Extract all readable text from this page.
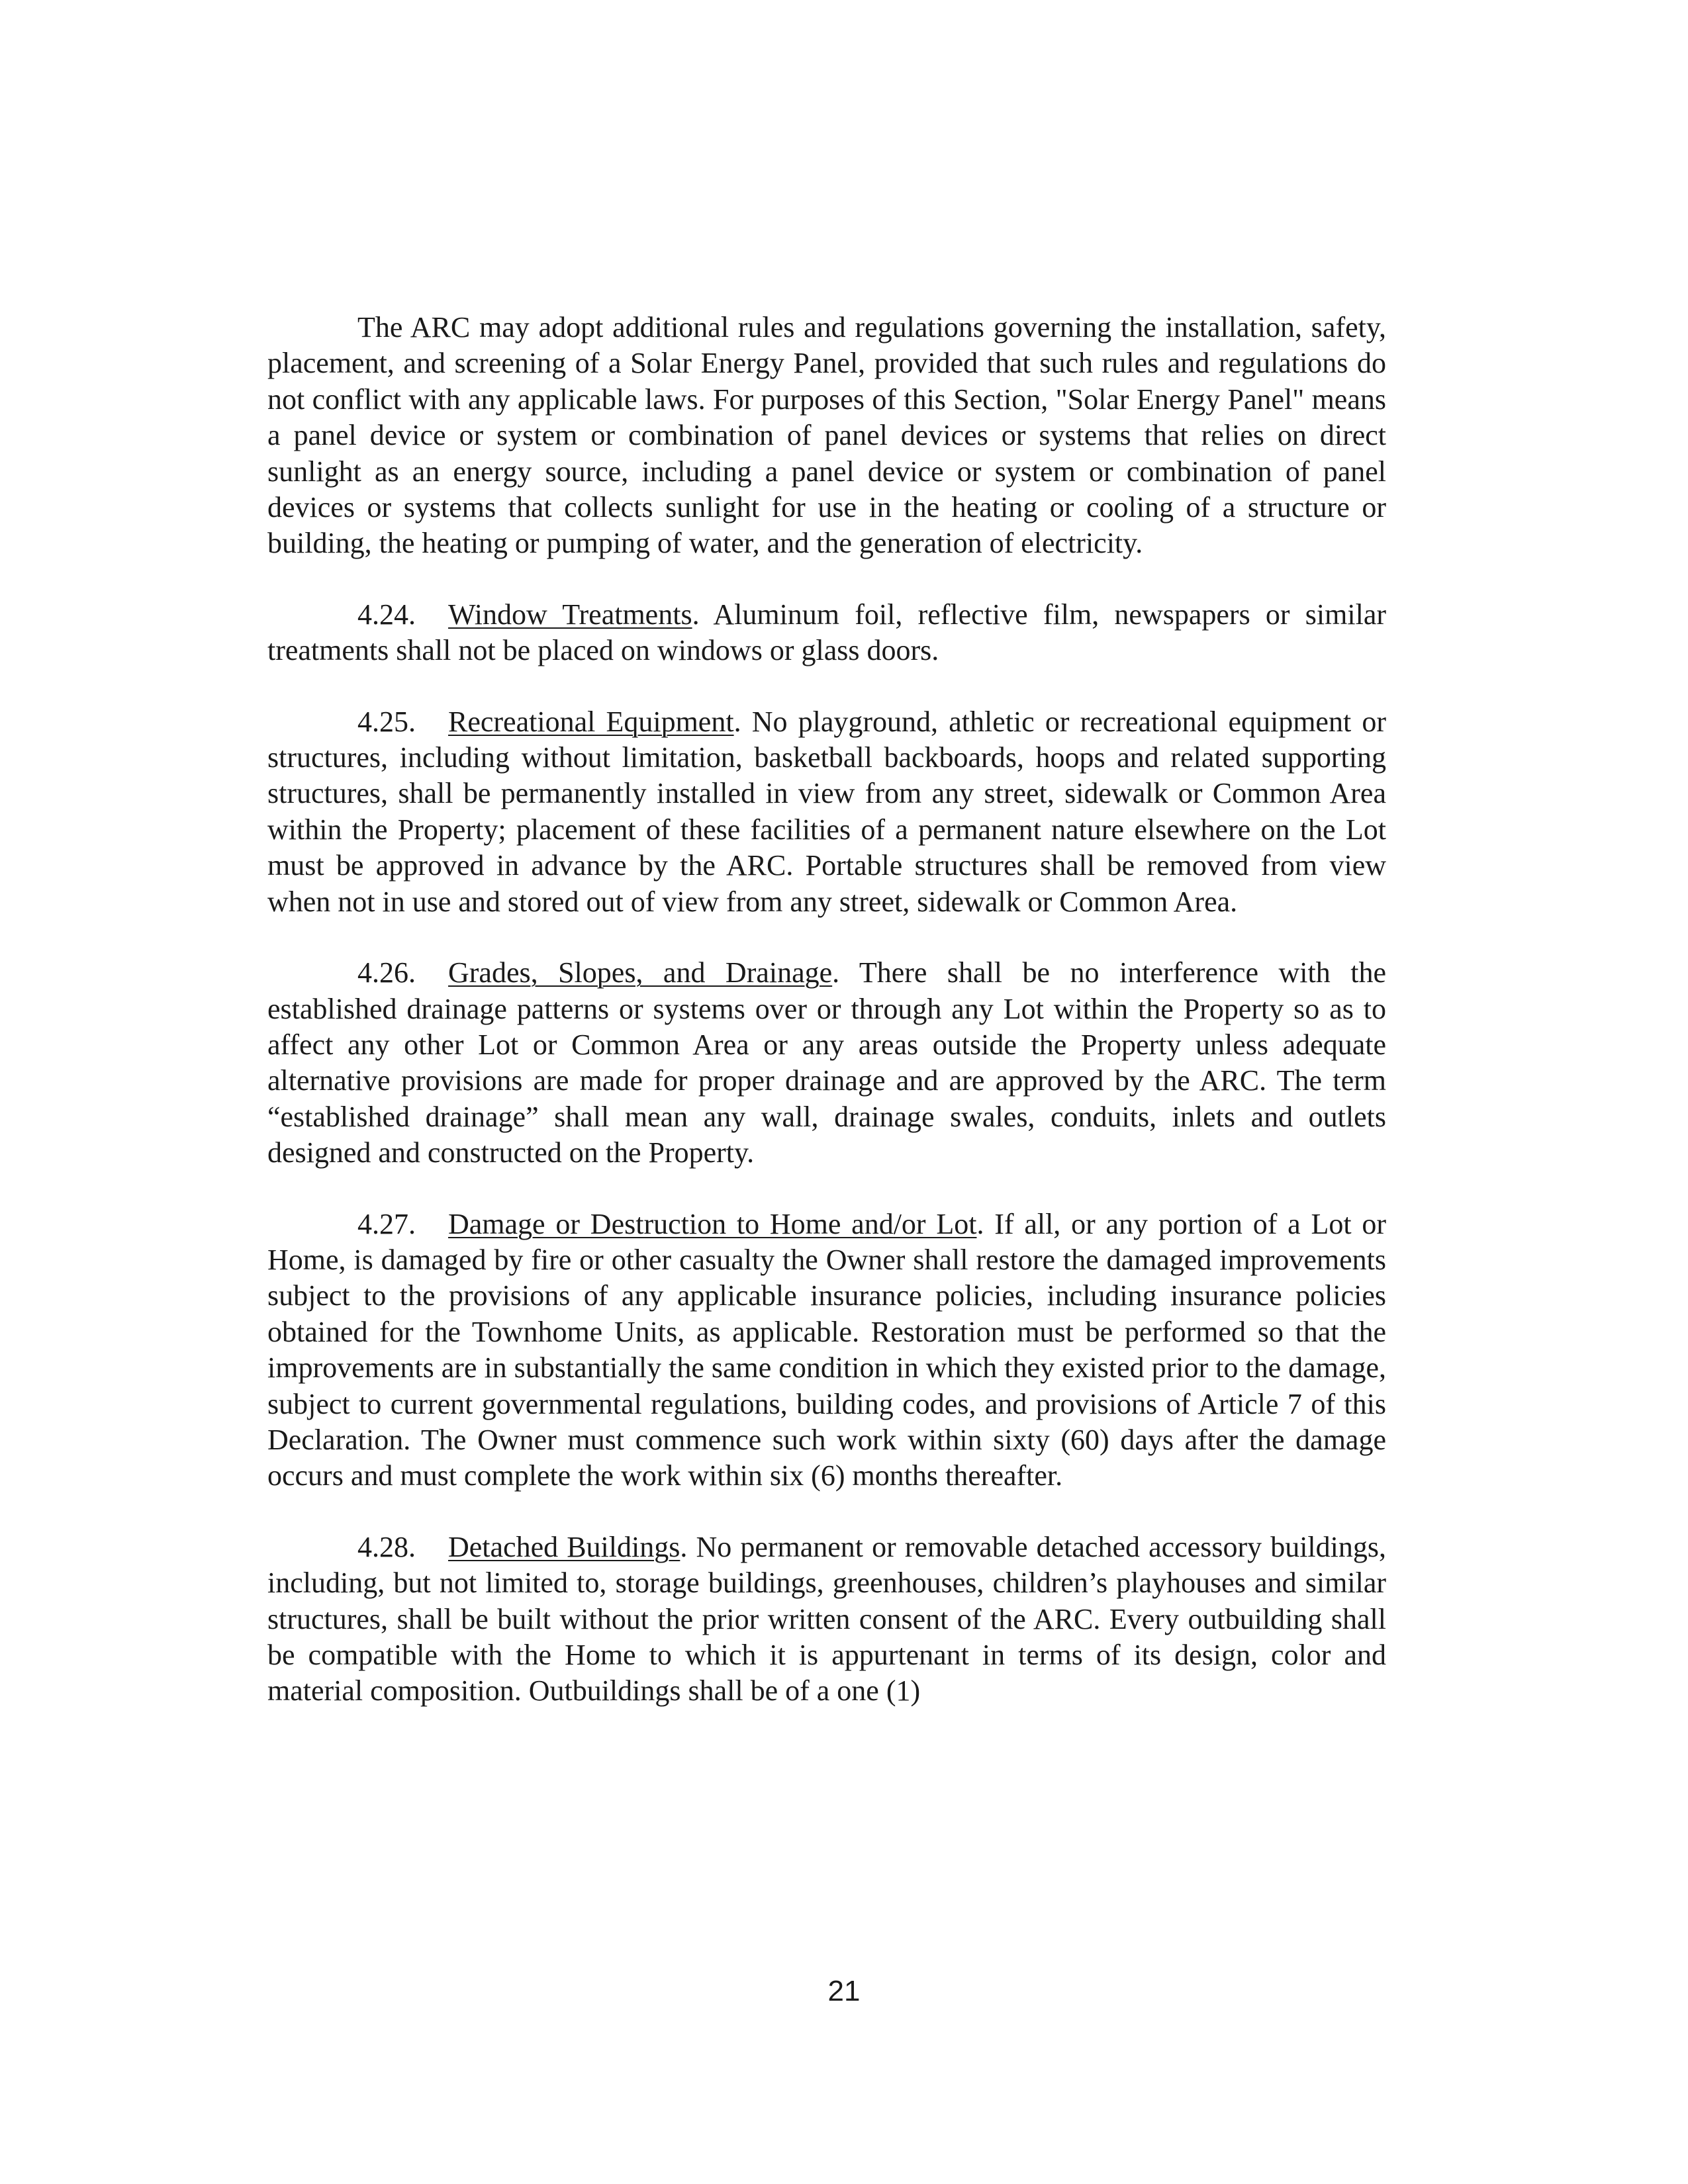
The ARC may adopt additional rules and regulations governing the installation, safety, placement, and screening of a Solar Energy Panel, provided that such rules and regulations do not conflict with any applicable laws. For purposes of this Section, "Solar Energy Panel" means a panel device or system or combination of panel devices or systems that relies on direct sunlight as an energy source, including a panel device or system or combination of panel devices or systems that collects sunlight for use in the heating or cooling of a structure or building, the heating or pumping of water, and the generation of electricity.

4.24. Window Treatments. Aluminum foil, reflective film, newspapers or similar treatments shall not be placed on windows or glass doors.

4.25. Recreational Equipment. No playground, athletic or recreational equipment or structures, including without limitation, basketball backboards, hoops and related supporting structures, shall be permanently installed in view from any street, sidewalk or Common Area within the Property; placement of these facilities of a permanent nature elsewhere on the Lot must be approved in advance by the ARC. Portable structures shall be removed from view when not in use and stored out of view from any street, sidewalk or Common Area.

4.26. Grades, Slopes, and Drainage. There shall be no interference with the established drainage patterns or systems over or through any Lot within the Property so as to affect any other Lot or Common Area or any areas outside the Property unless adequate alternative provisions are made for proper drainage and are approved by the ARC. The term “established drainage” shall mean any wall, drainage swales, conduits, inlets and outlets designed and constructed on the Property.

4.27. Damage or Destruction to Home and/or Lot. If all, or any portion of a Lot or Home, is damaged by fire or other casualty the Owner shall restore the damaged improvements subject to the provisions of any applicable insurance policies, including insurance policies obtained for the Townhome Units, as applicable. Restoration must be performed so that the improvements are in substantially the same condition in which they existed prior to the damage, subject to current governmental regulations, building codes, and provisions of Article 7 of this Declaration. The Owner must commence such work within sixty (60) days after the damage occurs and must complete the work within six (6) months thereafter.

4.28. Detached Buildings. No permanent or removable detached accessory buildings, including, but not limited to, storage buildings, greenhouses, children’s playhouses and similar structures, shall be built without the prior written consent of the ARC. Every outbuilding shall be compatible with the Home to which it is appurtenant in terms of its design, color and material composition. Outbuildings shall be of a one (1)

21
